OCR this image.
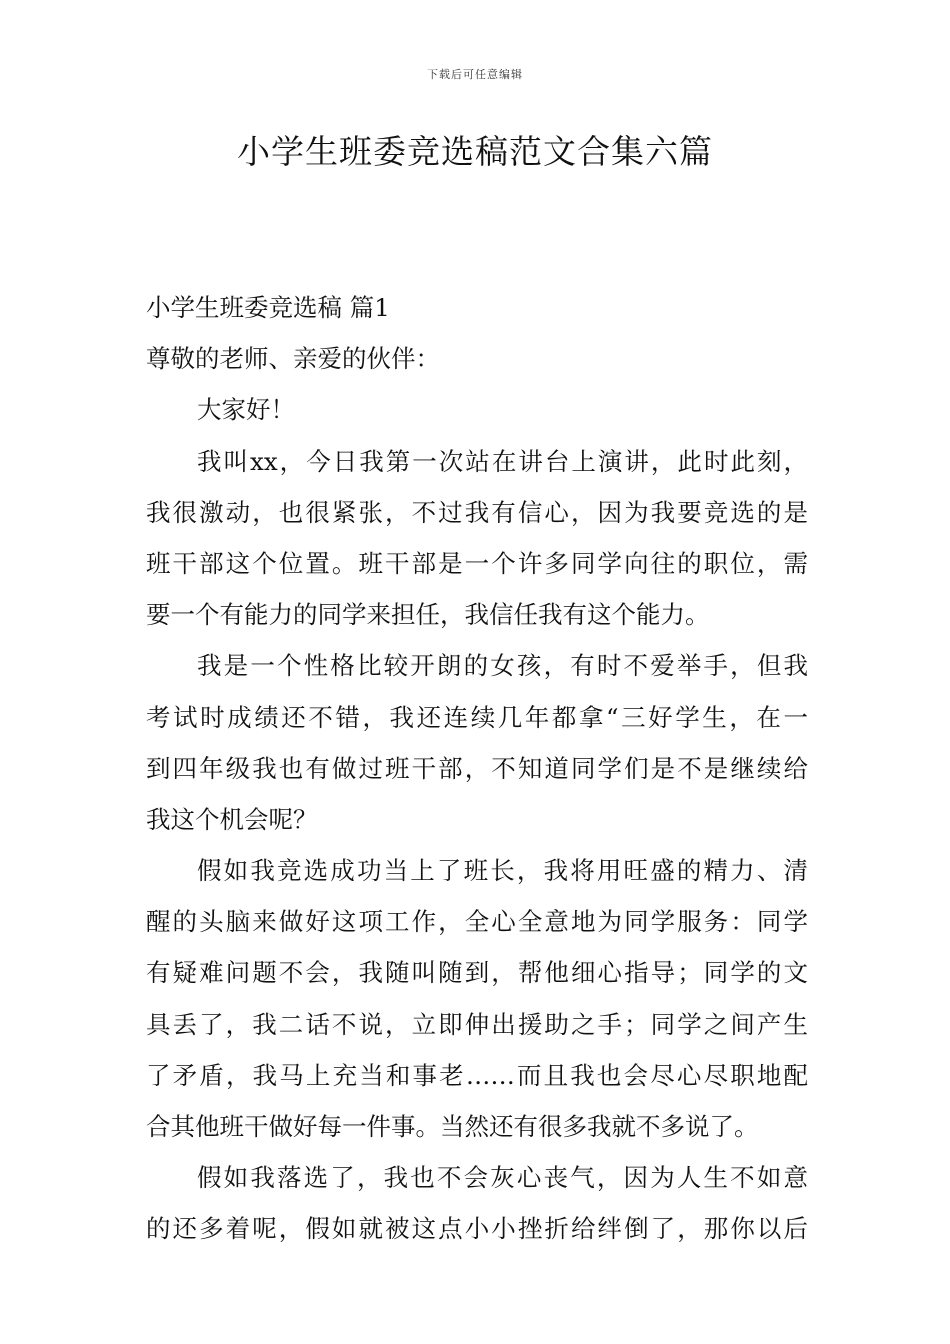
下载后可任意编辑
小学生班委竞选稿范文合集六篇
小学生班委竞选稿 篇1
尊敬的老师、亲爱的伙伴：
大家好！
我叫xx，今日我第一次站在讲台上演讲，此时此刻，
我很激动，也很紧张，不过我有信心，因为我要竞选的是
班干部这个位置。班干部是一个许多同学向往的职位，需
要一个有能力的同学来担任，我信任我有这个能力。
我是一个性格比较开朗的女孩，有时不爱举手，但我
考试时成绩还不错，我还连续几年都拿“三好学生，在一
到四年级我也有做过班干部，不知道同学们是不是继续给
我这个机会呢？
假如我竞选成功当上了班长，我将用旺盛的精力、清
醒的头脑来做好这项工作，全心全意地为同学服务：同学
有疑难问题不会，我随叫随到，帮他细心指导；同学的文
具丢了，我二话不说，立即伸出援助之手；同学之间产生
了矛盾，我马上充当和事老……而且我也会尽心尽职地配
合其他班干做好每一件事。当然还有很多我就不多说了。
假如我落选了，我也不会灰心丧气，因为人生不如意
的还多着呢，假如就被这点小小挫折给绊倒了，那你以后
